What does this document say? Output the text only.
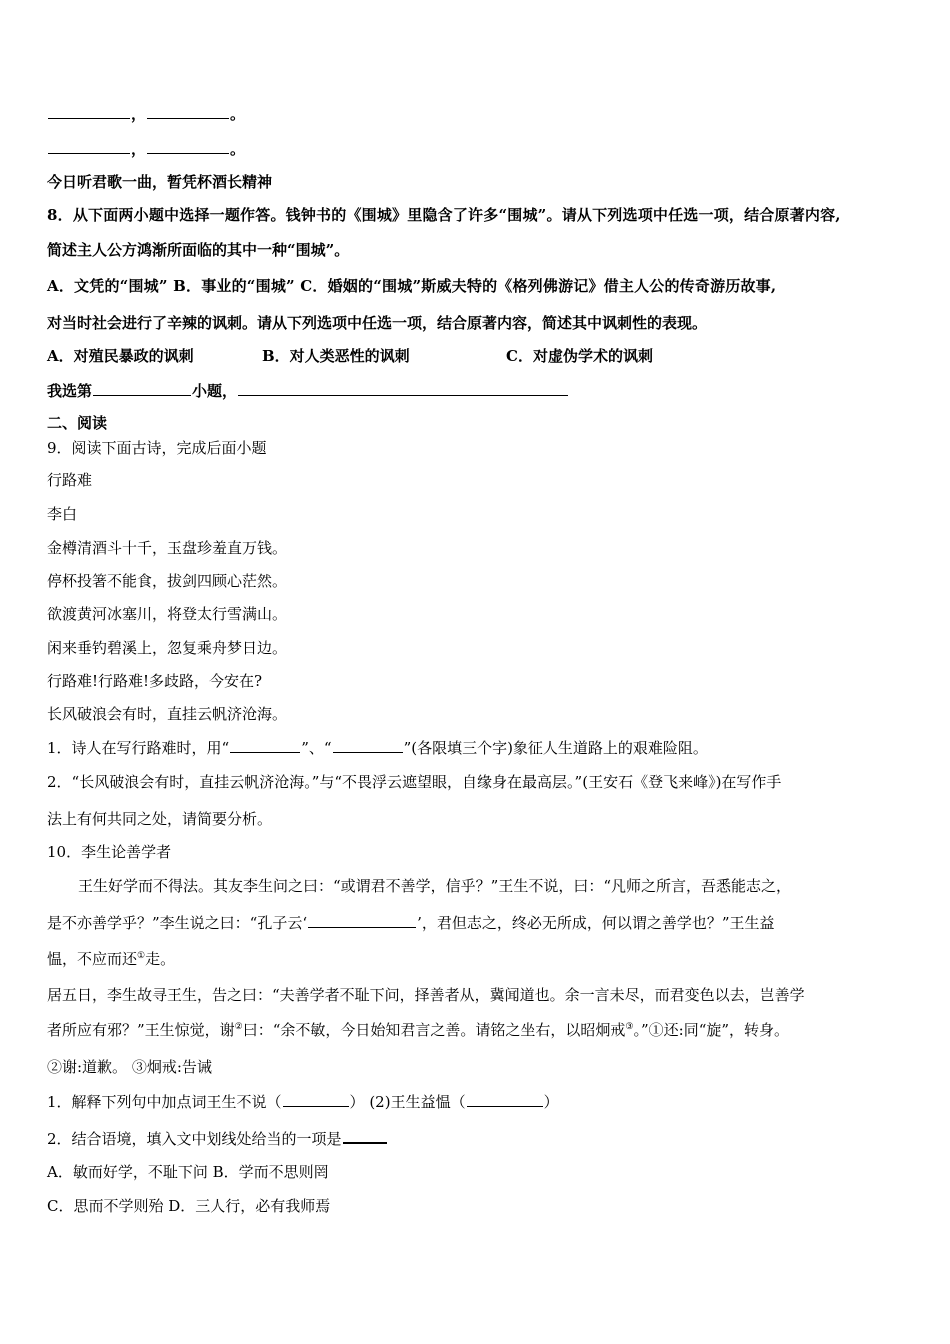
，	。
，	。
今日听君歌一曲，暂凭杯酒长精神
8．从下面两小题中选择一题作答。钱钟书的《围城》里隐含了许多“围城”。请从下列选项中任选一项，结合原著内容,
简述主人公方鸿渐所面临的其中一种“围城”。
A．文凭的“围城” B．事业的“围城” C．婚姻的“围城”斯威夫特的《格列佛游记》借主人公的传奇游历故事,
对当时社会进行了辛辣的讽刺。请从下列选项中任选一项，结合原著内容，简述其中讽刺性的表现。
A．对殖民暴政的讽刺	B．对人类恶性的讽刺	C．对虚伪学术的讽刺
我选第	小题，
二、阅读
9．阅读下面古诗，完成后面小题
行路难
李白
金樽清酒斗十千，玉盘珍羞直万钱。
停杯投箸不能食，拔剑四顾心茫然。
欲渡黄河冰塞川，将登太行雪满山。
闲来垂钓碧溪上，忽复乘舟梦日边。
行路难!行路难!多歧路，今安在?
长风破浪会有时，直挂云帆济沧海。
1．诗人在写行路难时，用“	”、“	”(各限填三个字)象征人生道路上的艰难险阻。
2．“长风破浪会有时，直挂云帆济沧海。”与“不畏浮云遮望眼，自缘身在最高层。”(王安石《登飞来峰》)在写作手
法上有何共同之处，请简要分析。
10．李生论善学者
王生好学而不得法。其友李生问之曰：“或谓君不善学，信乎？”王生不说，曰：“凡师之所言，吾悉能志之，
是不亦善学乎？”李生说之曰：“孔子云‘	’，君但志之，终必无所成，何以谓之善学也？”王生益
愠，不应而还①走。
居五日，李生故寻王生，告之曰：“夫善学者不耻下问，择善者从，冀闻道也。余一言未尽，而君变色以去，岂善学
者所应有邪？”王生惊觉，谢②曰：“余不敏，今日始知君言之善。请铭之坐右，以昭炯戒③。”①还:同“旋”，转身。
②谢:道歉。 ③炯戒:告诫
1．解释下列句中加点词王生不说（	） (2)王生益愠（	）
2．结合语境，填入文中划线处给当的一项是
A．敏而好学，不耻下问 B．学而不思则罔
C．思而不学则殆 D．三人行，必有我师焉
